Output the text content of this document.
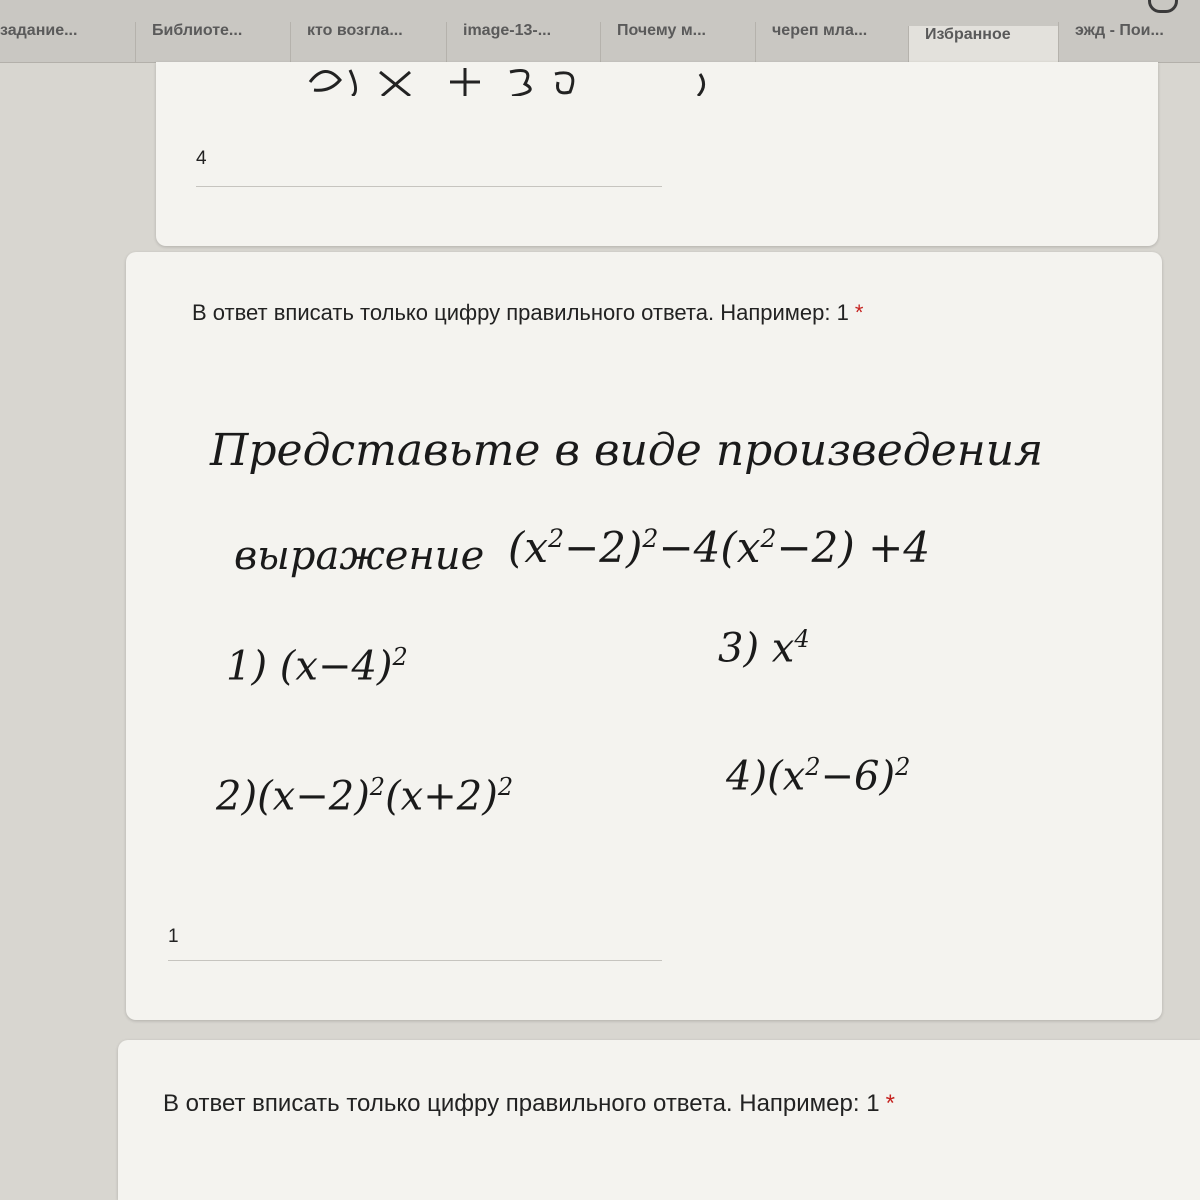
задание...	Библиоте...	кто возгла...	image-13-...	Почему м...	череп мла...	Избранное	эжд - Пои...
4
В ответ вписать только цифру правильного ответа. Например: 1 *
Представьте в виде произведения
выражение $(x^2-2)^2-4(x^2-2) +4$
1) $(x-4)^2$	3) $x^4$
$2)(x-2)^2(x+2)^2$	$4)(x^2-6)^2$
1
В ответ вписать только цифру правильного ответа. Например: 1 *
